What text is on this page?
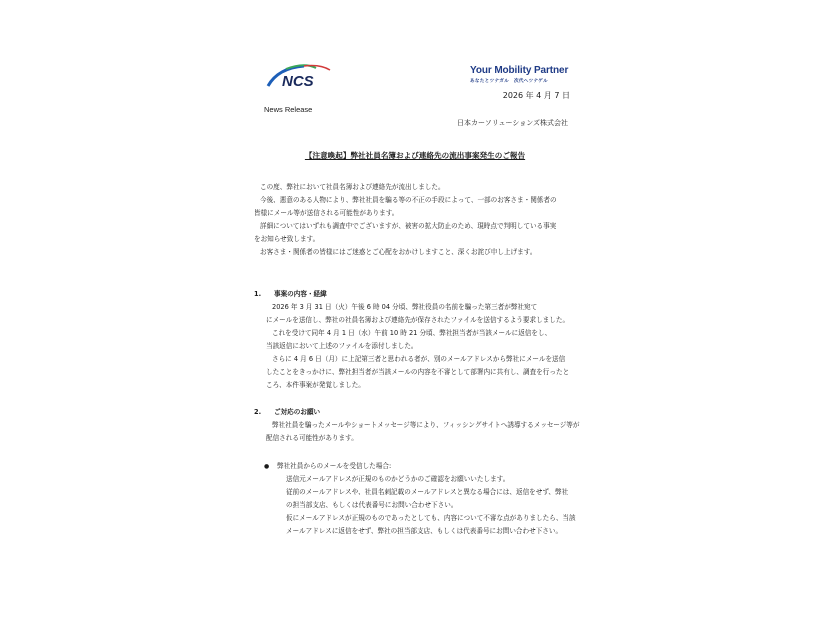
NCS
Your Mobility Partner
あなたとツナガル　次代へツナゲル
2026 年 4 月 7 日
News Release
日本カーソリューションズ株式会社
【注意喚起】弊社社員名簿および連絡先の流出事案発生のご報告
この度、弊社において社員名簿および連絡先が流出しました。
今後、悪意のある人物により、弊社社員を騙る等の不正の手段によって、一部のお客さま・関係者の
皆様にメール等が送信される可能性があります。
詳細についてはいずれも調査中でございますが、被害の拡大防止のため、現時点で判明している事実
をお知らせ致します。
お客さま・関係者の皆様にはご迷惑とご心配をおかけしますこと、深くお詫び申し上げます。
1. 事案の内容・経緯
2026 年 3 月 31 日（火）午後 6 時 04 分頃、弊社役員の名前を騙った第三者が弊社宛て
にメールを送信し、弊社の社員名簿および連絡先が保存されたファイルを送信するよう要求しました。
これを受けて同年 4 月 1 日（水）午前 10 時 21 分頃、弊社担当者が当該メールに返信をし、
当該返信において上述のファイルを添付しました。
さらに 4 月 6 日（月）に上記第三者と思われる者が、別のメールアドレスから弊社にメールを送信
したことをきっかけに、弊社担当者が当該メールの内容を不審として部署内に共有し、調査を行ったと
ころ、本件事案が発覚しました。
2. ご対応のお願い
弊社社員を騙ったメールやショートメッセージ等により、フィッシングサイトへ誘導するメッセージ等が
配信される可能性があります。
● 弊社社員からのメールを受信した場合:
送信元メールアドレスが正規のものかどうかのご確認をお願いいたします。
従前のメールアドレスや、社員名刺記載のメールアドレスと異なる場合には、返信をせず、弊社
の担当部支店、もしくは代表番号にお問い合わせ下さい。
仮にメールアドレスが正規のものであったとしても、内容について不審な点がありましたら、当該
メールアドレスに返信をせず、弊社の担当部支店、もしくは代表番号にお問い合わせ下さい。
